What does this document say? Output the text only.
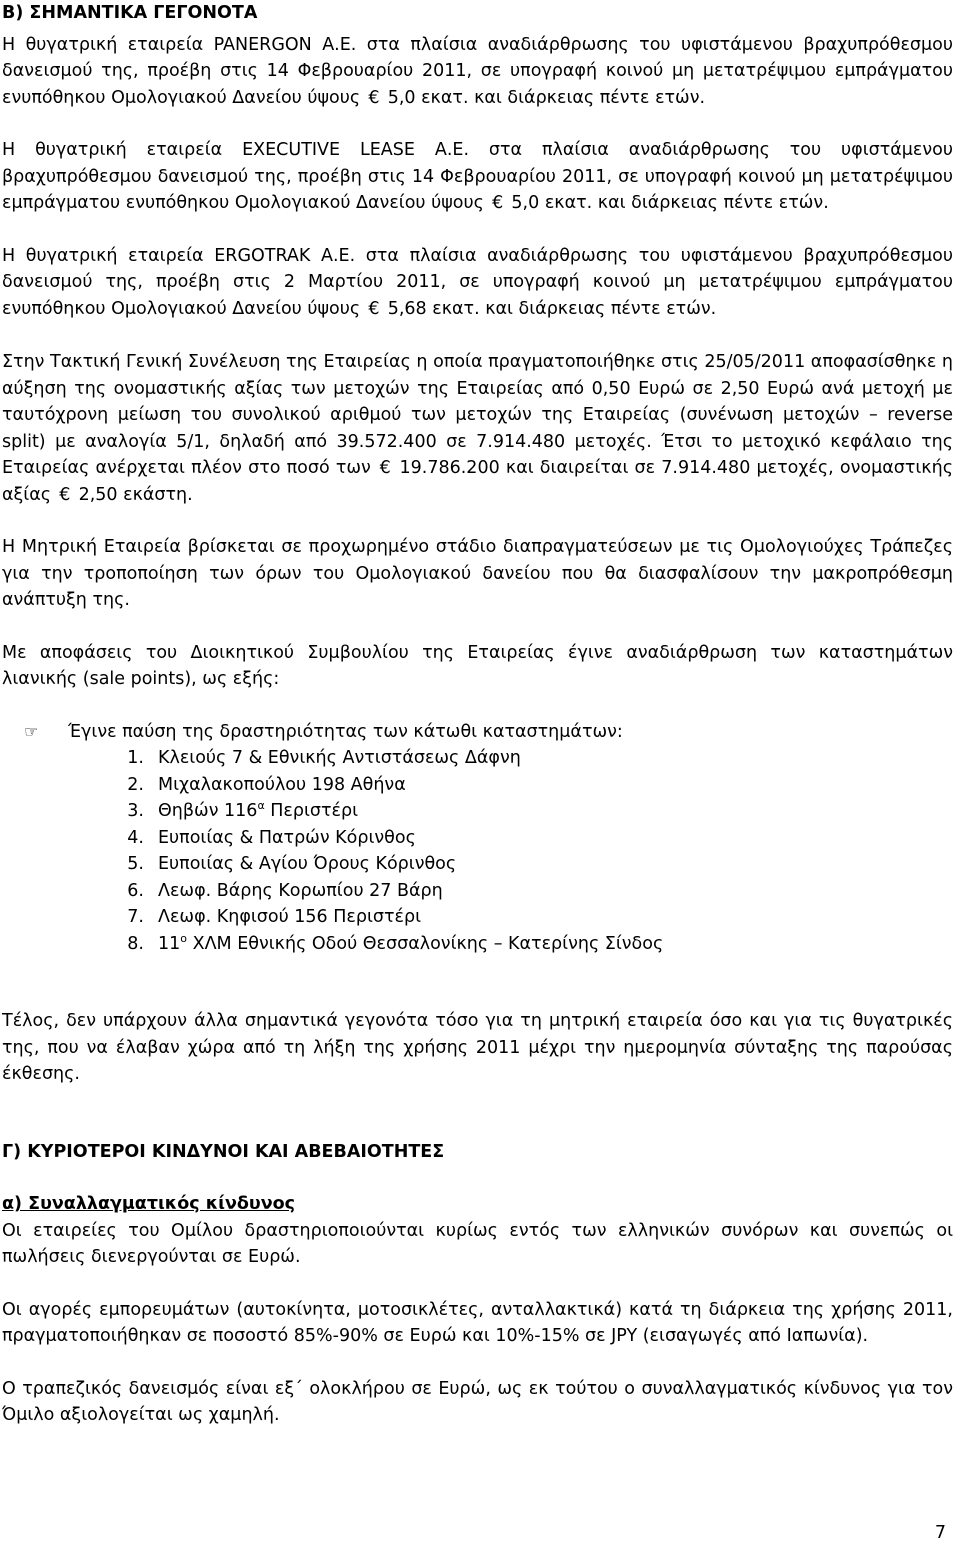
Β) ΣΗΜΑΝΤΙΚΑ ΓΕΓΟΝΟΤΑ

Η θυγατρική εταιρεία PANERGON Α.Ε. στα πλαίσια αναδιάρθρωσης του υφιστάμενου βραχυπρόθεσμου δανεισμού της, προέβη στις 14 Φεβρουαρίου 2011, σε υπογραφή κοινού μη μετατρέψιμου εμπράγματου ενυπόθηκου Ομολογιακού Δανείου ύψους € 5,0 εκατ. και διάρκειας πέντε ετών.

Η θυγατρική εταιρεία EXECUTIVE LEASE Α.Ε. στα πλαίσια αναδιάρθρωσης του υφιστάμενου βραχυπρόθεσμου δανεισμού της, προέβη στις 14 Φεβρουαρίου 2011, σε υπογραφή κοινού μη μετατρέψιμου εμπράγματου ενυπόθηκου Ομολογιακού Δανείου ύψους € 5,0 εκατ. και διάρκειας πέντε ετών.

Η θυγατρική εταιρεία ERGOTRAK Α.Ε. στα πλαίσια αναδιάρθρωσης του υφιστάμενου βραχυπρόθεσμου δανεισμού της, προέβη στις 2 Μαρτίου 2011, σε υπογραφή κοινού μη μετατρέψιμου εμπράγματου ενυπόθηκου Ομολογιακού Δανείου ύψους € 5,68 εκατ. και διάρκειας πέντε ετών.

Στην Τακτική Γενική Συνέλευση της Εταιρείας η οποία πραγματοποιήθηκε στις 25/05/2011 αποφασίσθηκε η αύξηση της ονομαστικής αξίας των μετοχών της Εταιρείας από 0,50 Ευρώ σε 2,50 Ευρώ ανά μετοχή με ταυτόχρονη μείωση του συνολικού αριθμού των μετοχών της Εταιρείας (συνένωση μετοχών – reverse split) με αναλογία 5/1, δηλαδή από 39.572.400 σε 7.914.480 μετοχές. Έτσι το μετοχικό κεφάλαιο της Εταιρείας ανέρχεται πλέον στο ποσό των € 19.786.200 και διαιρείται σε 7.914.480 μετοχές, ονομαστικής αξίας € 2,50 εκάστη.

Η Μητρική Εταιρεία βρίσκεται σε προχωρημένο στάδιο διαπραγματεύσεων με τις Ομολογιούχες Τράπεζες για την τροποποίηση των όρων του Ομολογιακού δανείου που θα διασφαλίσουν την μακροπρόθεσμη ανάπτυξη της.

Με αποφάσεις του Διοικητικού Συμβουλίου της Εταιρείας έγινε αναδιάρθρωση των καταστημάτων λιανικής (sale points), ως εξής:

☞	Έγινε παύση της δραστηριότητας των κάτωθι καταστημάτων:
1. Κλειούς 7 & Εθνικής Αντιστάσεως Δάφνη
2. Μιχαλακοπούλου 198 Αθήνα
3. Θηβών $116^\alpha$ Περιστέρι
4. Ευποιίας & Πατρών Κόρινθος
5. Ευποιίας & Αγίου Όρους Κόρινθος
6. Λεωφ. Βάρης Κορωπίου 27 Βάρη
7. Λεωφ. Κηφισού 156 Περιστέρι
8. $11^o$ ΧΛΜ Εθνικής Οδού Θεσσαλονίκης – Κατερίνης Σίνδος

Τέλος, δεν υπάρχουν άλλα σημαντικά γεγονότα τόσο για τη μητρική εταιρεία όσο και για τις θυγατρικές της, που να έλαβαν χώρα από τη λήξη της χρήσης 2011 μέχρι την ημερομηνία σύνταξης της παρούσας έκθεσης.

Γ) ΚΥΡΙΟΤΕΡΟΙ ΚΙΝΔΥΝΟΙ ΚΑΙ ΑΒΕΒΑΙΟΤΗΤΕΣ

α) Συναλλαγματικός κίνδυνος

Οι εταιρείες του Ομίλου δραστηριοποιούνται κυρίως εντός των ελληνικών συνόρων και συνεπώς οι πωλήσεις διενεργούνται σε Ευρώ.

Οι αγορές εμπορευμάτων (αυτοκίνητα, μοτοσικλέτες, ανταλλακτικά) κατά τη διάρκεια της χρήσης 2011, πραγματοποιήθηκαν σε ποσοστό 85%-90% σε Ευρώ και 10%-15% σε JPY (εισαγωγές από Ιαπωνία).

Ο τραπεζικός δανεισμός είναι εξ΄ ολοκλήρου σε Ευρώ, ως εκ τούτου ο συναλλαγματικός κίνδυνος για τον Όμιλο αξιολογείται ως χαμηλή.

7
